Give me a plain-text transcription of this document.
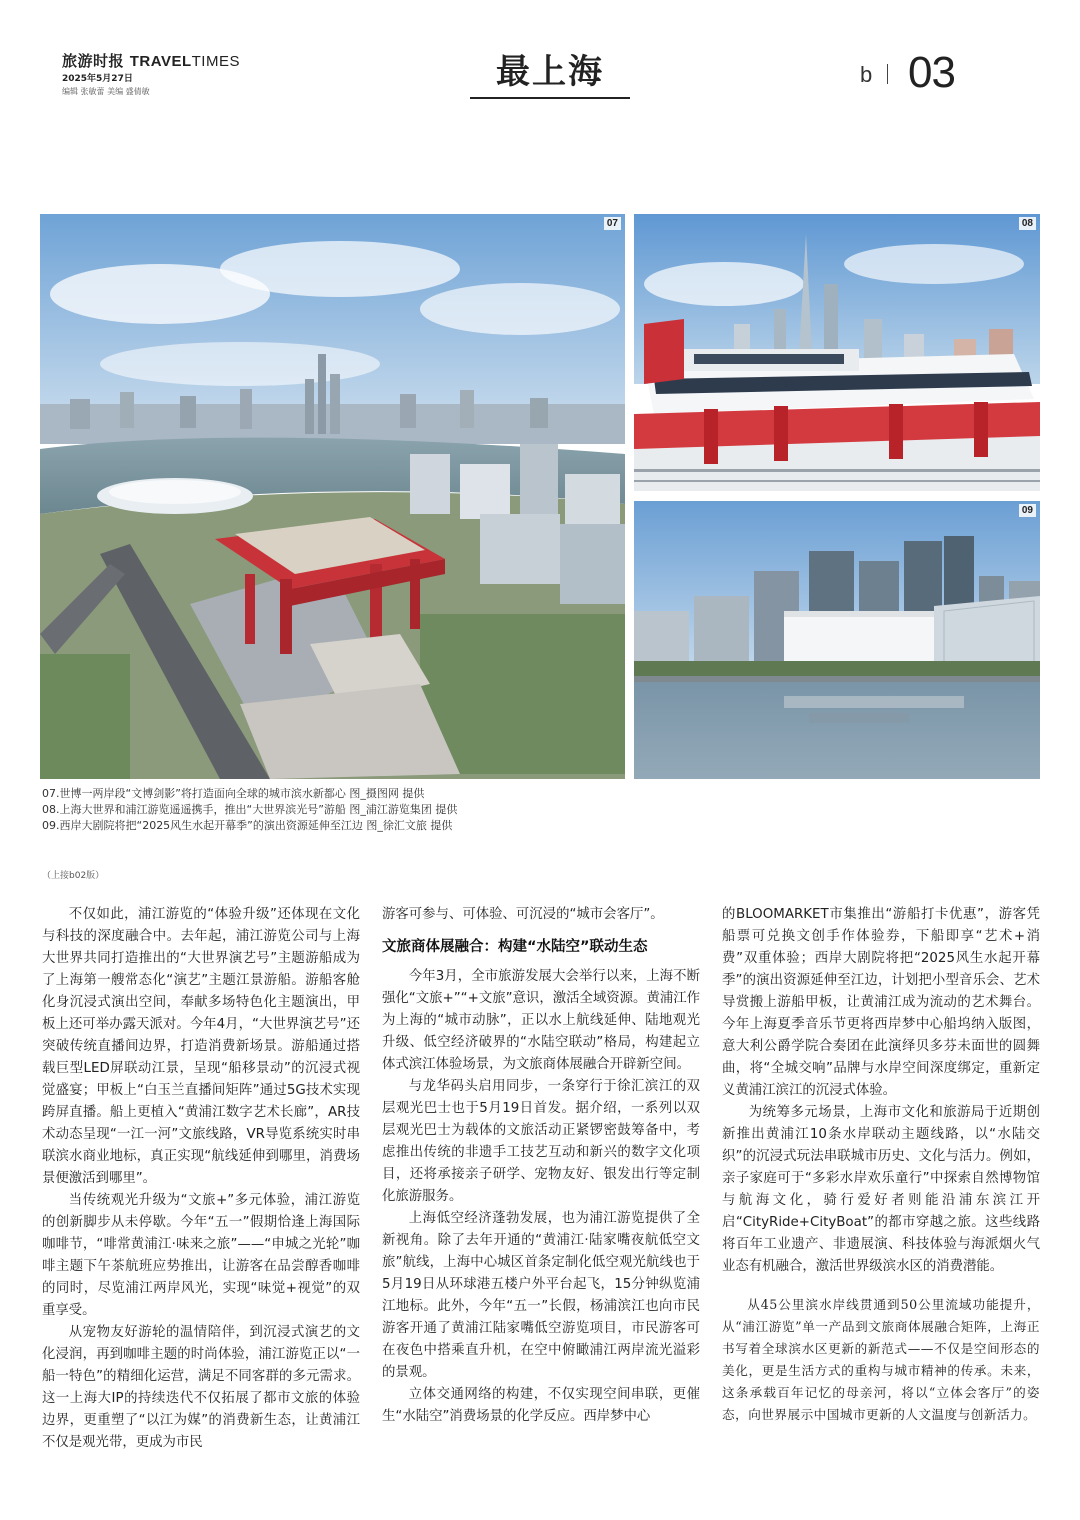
旅游时报 TRAVELTIMES
2025年5月27日
编辑 张敏蕾 美编 盛倩敏	最上海	b 03
07	08
09
07.世博一两岸段“文博剑影”将打造面向全球的城市滨水新都心 图_摄图网 提供
08.上海大世界和浦江游览遥遥携手，推出“大世界滨光号”游船 图_浦江游览集团 提供
09.西岸大剧院将把“2025风生水起开幕季”的演出资源延伸至江边 图_徐汇文旅 提供
（上接b02版）

不仅如此，浦江游览的“体验升级”还体现在文化与科技的深度融合中。去年起，浦江游览公司与上海大世界共同打造推出的“大世界演艺号”主题游船成为了上海第一艘常态化“演艺”主题江景游船。游船客舱化身沉浸式演出空间，奉献多场特色化主题演出，甲板上还可举办露天派对。今年4月，“大世界演艺号”还突破传统直播间边界，打造消费新场景。游船通过搭载巨型LED屏联动江景，呈现“船移景动”的沉浸式视觉盛宴；甲板上“白玉兰直播间矩阵”通过5G技术实现跨屏直播。船上更植入“黄浦江数字艺术长廊”，AR技术动态呈现“一江一河”文旅线路，VR导览系统实时串联滨水商业地标，真正实现“航线延伸到哪里，消费场景便激活到哪里”。

当传统观光升级为“文旅+”多元体验，浦江游览的创新脚步从未停歇。今年“五一”假期恰逢上海国际咖啡节，“啡常黄浦江·味来之旅”——“申城之光轮”咖啡主题下午茶航班应势推出，让游客在品尝醇香咖啡的同时，尽览浦江两岸风光，实现“味觉+视觉”的双重享受。

从宠物友好游轮的温情陪伴，到沉浸式演艺的文化浸润，再到咖啡主题的时尚体验，浦江游览正以“一船一特色”的精细化运营，满足不同客群的多元需求。这一上海大IP的持续迭代不仅拓展了都市文旅的体验边界，更重塑了“以江为媒”的消费新生态，让黄浦江不仅是观光带，更成为市民

游客可参与、可体验、可沉浸的“城市会客厅”。

文旅商体展融合：构建“水陆空”联动生态

今年3月，全市旅游发展大会举行以来，上海不断强化“文旅+”“+文旅”意识，激活全域资源。黄浦江作为上海的“城市动脉”，正以水上航线延伸、陆地观光升级、低空经济破界的“水陆空联动”格局，构建起立体式滨江体验场景，为文旅商体展融合开辟新空间。

与龙华码头启用同步，一条穿行于徐汇滨江的双层观光巴士也于5月19日首发。据介绍，一系列以双层观光巴士为载体的文旅活动正紧锣密鼓筹备中，考虑推出传统的非遗手工技艺互动和新兴的数字文化项目，还将承接亲子研学、宠物友好、银发出行等定制化旅游服务。

上海低空经济蓬勃发展，也为浦江游览提供了全新视角。除了去年开通的“黄浦江·陆家嘴夜航低空文旅”航线，上海中心城区首条定制化低空观光航线也于5月19日从环球港五楼户外平台起飞，15分钟纵览浦江地标。此外，今年“五一”长假，杨浦滨江也向市民游客开通了黄浦江陆家嘴低空游览项目，市民游客可在夜色中搭乘直升机，在空中俯瞰浦江两岸流光溢彩的景观。

立体交通网络的构建，不仅实现空间串联，更催生“水陆空”消费场景的化学反应。西岸梦中心

的BLOOMARKET市集推出“游船打卡优惠”，游客凭船票可兑换文创手作体验券，下船即享“艺术+消费”双重体验；西岸大剧院将把“2025风生水起开幕季”的演出资源延伸至江边，计划把小型音乐会、艺术导赏搬上游船甲板，让黄浦江成为流动的艺术舞台。今年上海夏季音乐节更将西岸梦中心船坞纳入版图，意大利公爵学院合奏团在此演绎贝多芬未面世的圆舞曲，将“全城交响”品牌与水岸空间深度绑定，重新定义黄浦江滨江的沉浸式体验。

为统筹多元场景，上海市文化和旅游局于近期创新推出黄浦江10条水岸联动主题线路，以“水陆交织”的沉浸式玩法串联城市历史、文化与活力。例如，亲子家庭可于“多彩水岸欢乐童行”中探索自然博物馆与航海文化，骑行爱好者则能沿浦东滨江开启“CityRide+CityBoat”的都市穿越之旅。这些线路将百年工业遗产、非遗展演、科技体验与海派烟火气业态有机融合，激活世界级滨水区的消费潜能。

从45公里滨水岸线贯通到50公里流域功能提升，从“浦江游览”单一产品到文旅商体展融合矩阵，上海正书写着全球滨水区更新的新范式——不仅是空间形态的美化，更是生活方式的重构与城市精神的传承。未来，这条承载百年记忆的母亲河，将以“立体会客厅”的姿态，向世界展示中国城市更新的人文温度与创新活力。
